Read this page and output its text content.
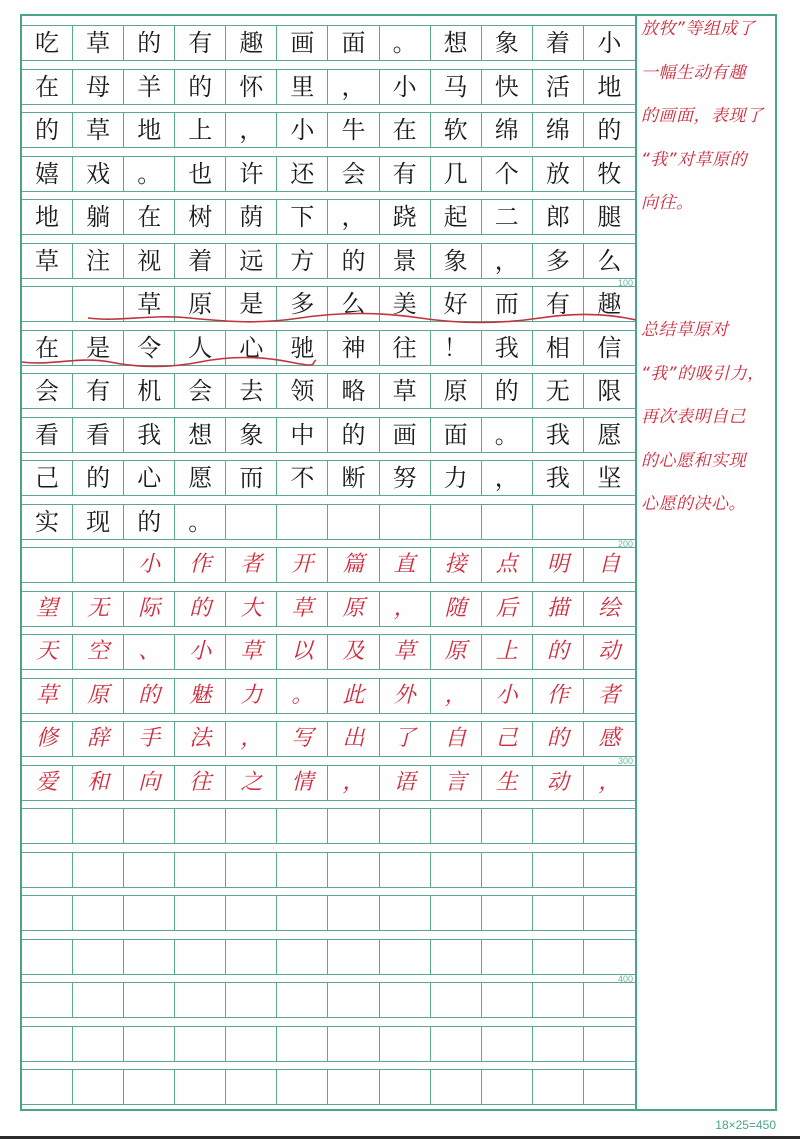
吃	草	的	有	趣	画	面	。	想	象	着	小
在	母	羊	的	怀	里	，	小	马	快	活	地
的	草	地	上	，	小	牛	在	软	绵	绵	的
嬉	戏	。	也	许	还	会	有	几	个	放	牧
地	躺	在	树	荫	下	，	跷	起	二	郎	腿
草	注	视	着	远	方	的	景	象	，	多	么
100
草	原	是	多	么	美	好	而	有	趣
在	是	令	人	心	驰	神	往	！	我	相	信
会	有	机	会	去	领	略	草	原	的	无	限
看	看	我	想	象	中	的	画	面	。	我	愿
己	的	心	愿	而	不	断	努	力	，	我	坚
实	现	的	。
200
小	作	者	开	篇	直	接	点	明	自
望	无	际	的	大	草	原	，	随	后	描	绘
天	空	、	小	草	以	及	草	原	上	的	动
草	原	的	魅	力	。	此	外	，	小	作	者
修	辞	手	法	，	写	出	了	自	己	的	感
300
爱	和	向	往	之	情	，	语	言	生	动	，
400
放牧”等组成了
一幅生动有趣
的画面，表现了
“我”对草原的
向往。
总结草原对
“我”的吸引力，
再次表明自己
的心愿和实现
心愿的决心。
18×25=450
